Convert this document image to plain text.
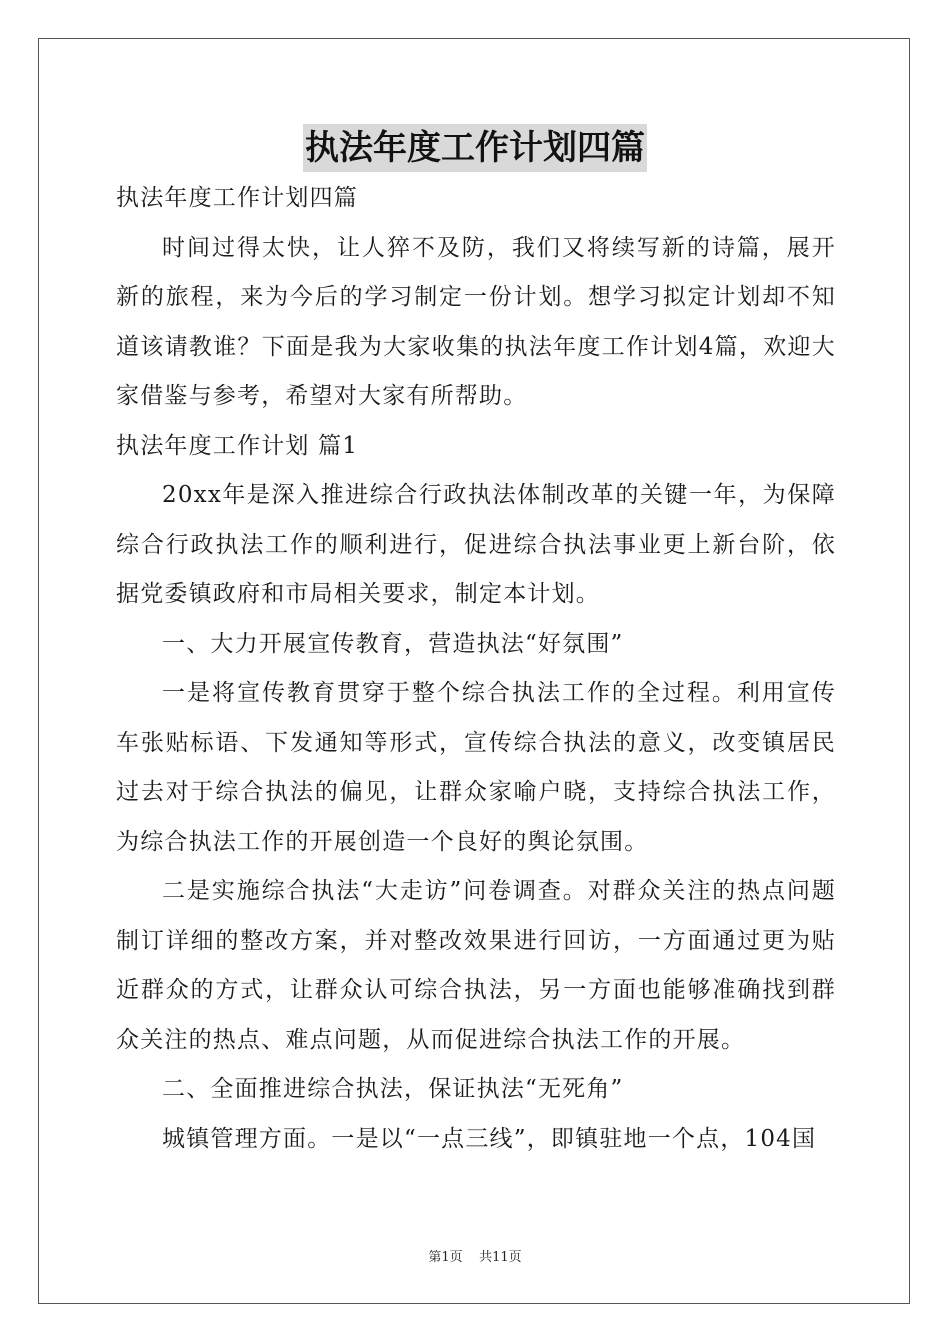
执法年度工作计划四篇

执法年度工作计划四篇

时间过得太快，让人猝不及防，我们又将续写新的诗篇，展开新的旅程，来为今后的学习制定一份计划。想学习拟定计划却不知道该请教谁？下面是我为大家收集的执法年度工作计划4篇，欢迎大家借鉴与参考，希望对大家有所帮助。

执法年度工作计划 篇1

20xx年是深入推进综合行政执法体制改革的关键一年，为保障综合行政执法工作的顺利进行，促进综合执法事业更上新台阶，依据党委镇政府和市局相关要求，制定本计划。

一、大力开展宣传教育，营造执法“好氛围”

一是将宣传教育贯穿于整个综合执法工作的全过程。利用宣传车张贴标语、下发通知等形式，宣传综合执法的意义，改变镇居民过去对于综合执法的偏见，让群众家喻户晓，支持综合执法工作，为综合执法工作的开展创造一个良好的舆论氛围。

二是实施综合执法“大走访”问卷调查。对群众关注的热点问题制订详细的整改方案，并对整改效果进行回访，一方面通过更为贴近群众的方式，让群众认可综合执法，另一方面也能够准确找到群众关注的热点、难点问题，从而促进综合执法工作的开展。

二、全面推进综合执法，保证执法“无死角”

城镇管理方面。一是以“一点三线”，即镇驻地一个点，104国

第1页    共11页
